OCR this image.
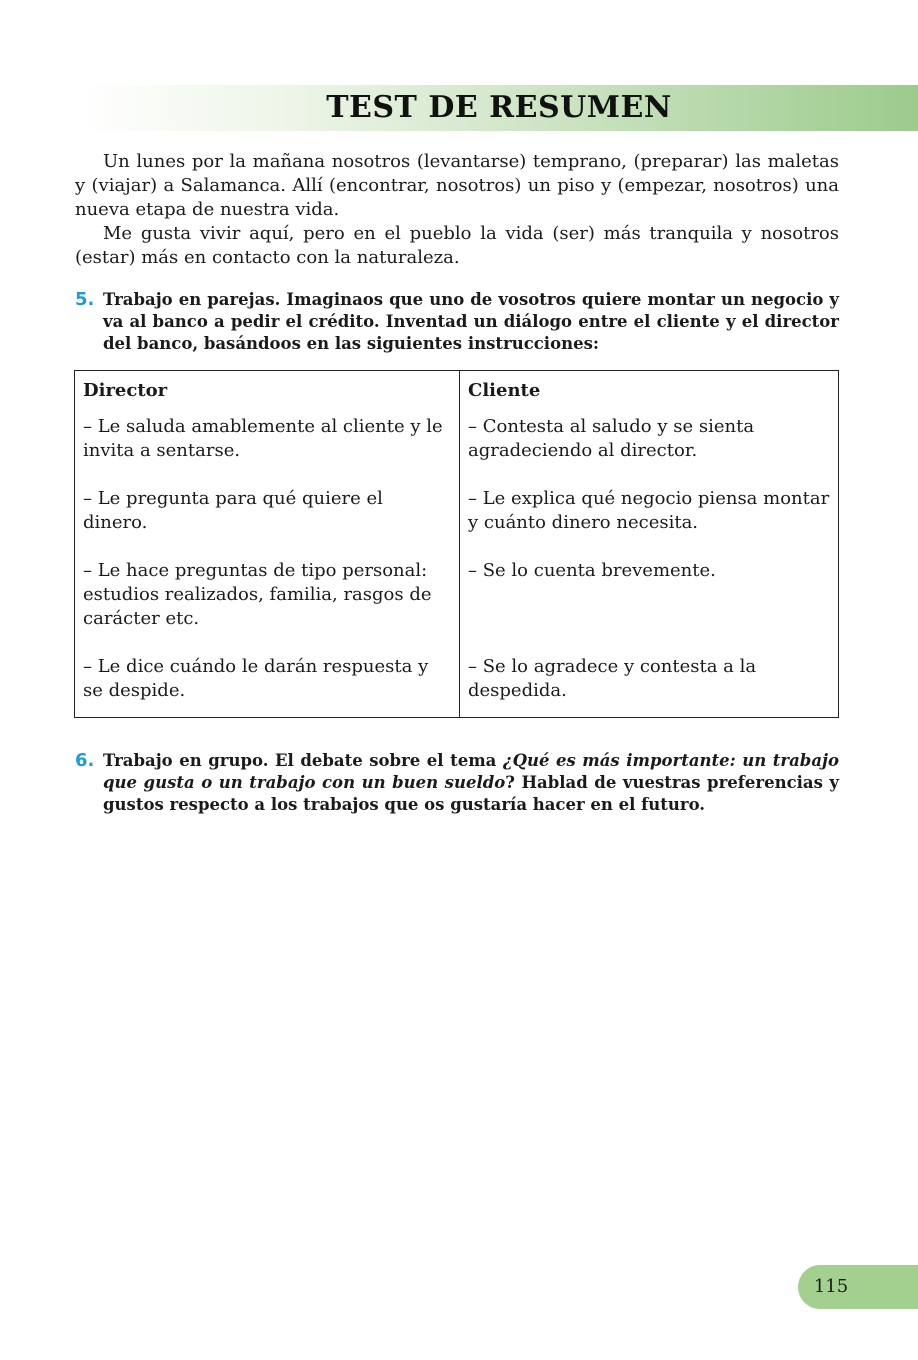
TEST DE RESUMEN

Un lunes por la mañana nosotros (levantarse) temprano, (preparar) las maletas y (viajar) a Salamanca. Allí (encontrar, nosotros) un piso y (empezar, nosotros) una nueva etapa de nuestra vida.

Me gusta vivir aquí, pero en el pueblo la vida (ser) más tranquila y nosotros (estar) más en contacto con la naturaleza.

5. Trabajo en parejas. Imaginaos que uno de vosotros quiere montar un negocio y va al banco a pedir el crédito. Inventad un diálogo entre el cliente y el director del banco, basándoos en las siguientes instrucciones:
Director	Cliente
– Le saluda amablemente al cliente y le invita a sentarse.	– Contesta al saludo y se sienta agradeciendo al director.
– Le pregunta para qué quiere el dinero.	– Le explica qué negocio piensa montar y cuánto dinero necesita.
– Le hace preguntas de tipo personal: estudios realizados, familia, rasgos de carácter etc.	– Se lo cuenta brevemente.
– Le dice cuándo le darán respuesta y se despide.	– Se lo agradece y contesta a la despedida.
6. Trabajo en grupo. El debate sobre el tema ¿Qué es más importante: un trabajo que gusta o un trabajo con un buen sueldo? Hablad de vuestras preferencias y gustos respecto a los trabajos que os gustaría hacer en el futuro.
115
